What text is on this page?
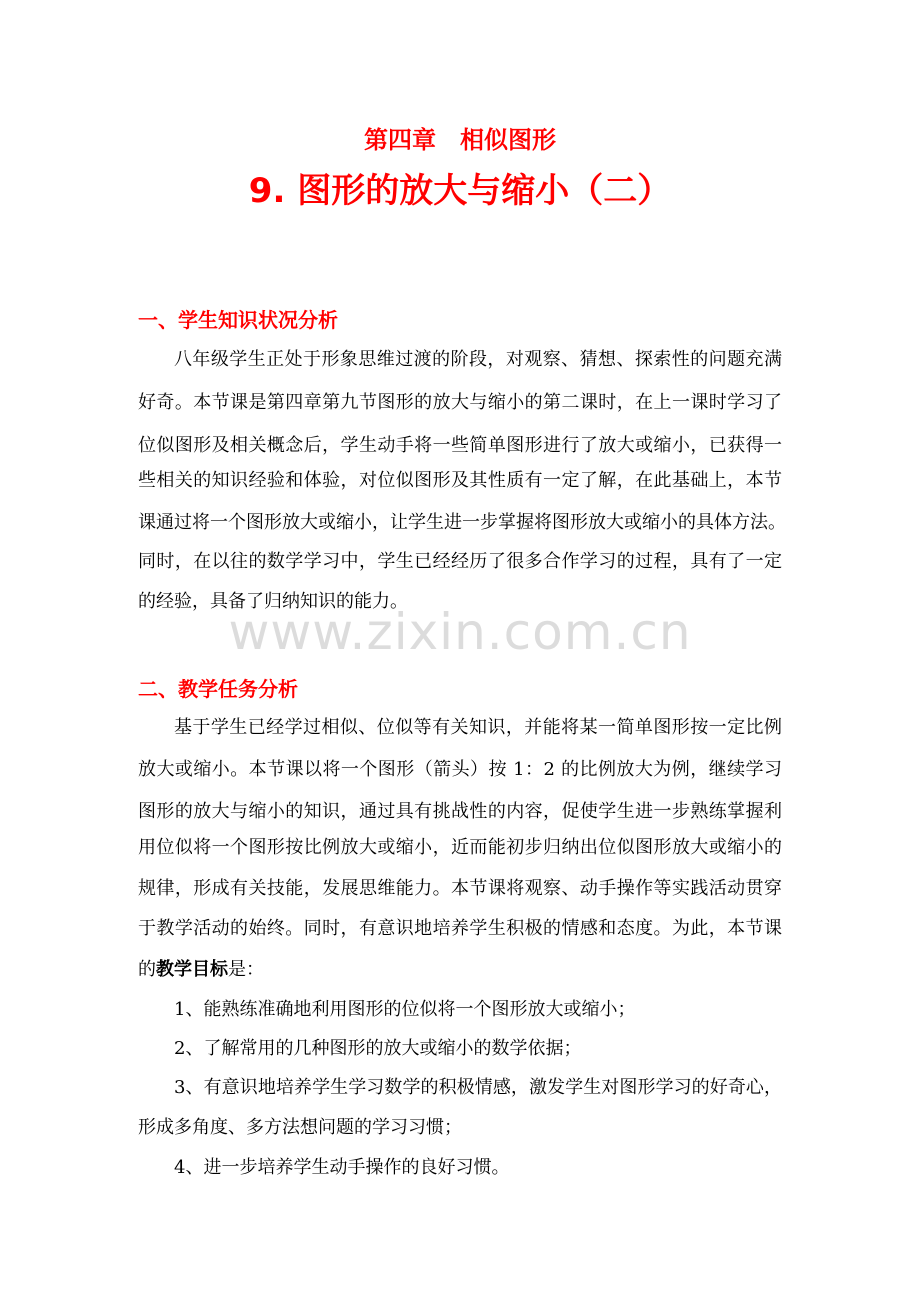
第四章　相似图形
9. 图形的放大与缩小（二）
一、学生知识状况分析
八年级学生正处于形象思维过渡的阶段，对观察、猜想、探索性的问题充满
好奇。本节课是第四章第九节图形的放大与缩小的第二课时，在上一课时学习了
位似图形及相关概念后，学生动手将一些简单图形进行了放大或缩小，已获得一
些相关的知识经验和体验，对位似图形及其性质有一定了解，在此基础上，本节
课通过将一个图形放大或缩小，让学生进一步掌握将图形放大或缩小的具体方法。
同时，在以往的数学学习中，学生已经经历了很多合作学习的过程，具有了一定
的经验，具备了归纳知识的能力。
www.zixin.com.cn
二、教学任务分析
基于学生已经学过相似、位似等有关知识，并能将某一简单图形按一定比例
放大或缩小。本节课以将一个图形（箭头）按 1：2 的比例放大为例，继续学习
图形的放大与缩小的知识，通过具有挑战性的内容，促使学生进一步熟练掌握利
用位似将一个图形按比例放大或缩小，近而能初步归纳出位似图形放大或缩小的
规律，形成有关技能，发展思维能力。本节课将观察、动手操作等实践活动贯穿
于教学活动的始终。同时，有意识地培养学生积极的情感和态度。为此，本节课
的教学目标是：
1、能熟练准确地利用图形的位似将一个图形放大或缩小；
2、了解常用的几种图形的放大或缩小的数学依据；
3、有意识地培养学生学习数学的积极情感，激发学生对图形学习的好奇心，
形成多角度、多方法想问题的学习习惯；
4、进一步培养学生动手操作的良好习惯。
